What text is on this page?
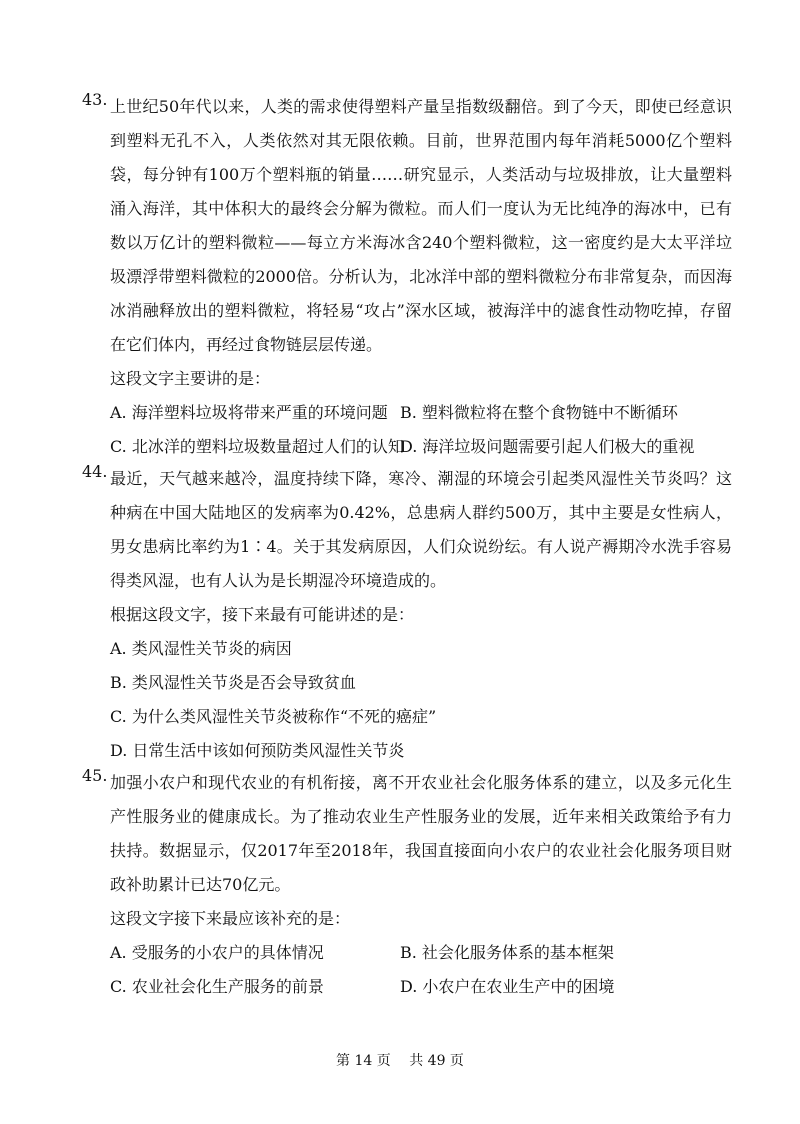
43. 上世纪50年代以来，人类的需求使得塑料产量呈指数级翻倍。到了今天，即使已经意识到塑料无孔不入，人类依然对其无限依赖。目前，世界范围内每年消耗5000亿个塑料袋，每分钟有100万个塑料瓶的销量……研究显示，人类活动与垃圾排放，让大量塑料涌入海洋，其中体积大的最终会分解为微粒。而人们一度认为无比纯净的海冰中，已有数以万亿计的塑料微粒——每立方米海冰含240个塑料微粒，这一密度约是大太平洋垃圾漂浮带塑料微粒的2000倍。分析认为，北冰洋中部的塑料微粒分布非常复杂，而因海冰消融释放出的塑料微粒，将轻易“攻占”深水区域，被海洋中的滤食性动物吃掉，存留在它们体内，再经过食物链层层传递。

这段文字主要讲的是：

A. 海洋塑料垃圾将带来严重的环境问题 B. 塑料微粒将在整个食物链中不断循环
C. 北冰洋的塑料垃圾数量超过人们的认知
D. 海洋垃圾问题需要引起人们极大的重视
44. 最近，天气越来越冷，温度持续下降，寒冷、潮湿的环境会引起类风湿性关节炎吗？这种病在中国大陆地区的发病率为0.42%，总患病人群约500万，其中主要是女性病人，男女患病比率约为1∶4。关于其发病原因，人们众说纷纭。有人说产褥期冷水洗手容易得类风湿，也有人认为是长期湿冷环境造成的。

根据这段文字，接下来最有可能讲述的是：

A. 类风湿性关节炎的病因
B. 类风湿性关节炎是否会导致贫血
C. 为什么类风湿性关节炎被称作“不死的癌症”
D. 日常生活中该如何预防类风湿性关节炎
45. 加强小农户和现代农业的有机衔接，离不开农业社会化服务体系的建立，以及多元化生产性服务业的健康成长。为了推动农业生产性服务业的发展，近年来相关政策给予有力扶持。数据显示，仅2017年至2018年，我国直接面向小农户的农业社会化服务项目财政补助累计已达70亿元。

这段文字接下来最应该补充的是：

A. 受服务的小农户的具体情况	B. 社会化服务体系的基本框架
C. 农业社会化生产服务的前景	D. 小农户在农业生产中的困境
第 14 页　 共 49 页
